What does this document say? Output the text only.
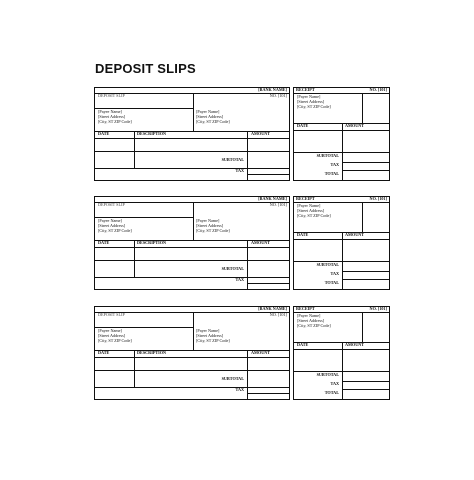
DEPOSIT SLIPS
[BANK NAME]
NO. [101]
DEPOSIT SLIP
[Payee Name]
[Street Address]
[City, ST ZIP Code]
[Payer Name]
[Street Address]
[City, ST ZIP Code]
DATE	DESCRIPTION	AMOUNT
SUBTOTAL
TAX
RECEIPT	NO. [101]
[Payer Name]
[Street Address]
[City, ST ZIP Code]
DATE	AMOUNT
SUBTOTAL
TAX
TOTAL
[BANK NAME]
NO. [101]
DEPOSIT SLIP
[Payee Name]
[Street Address]
[City, ST ZIP Code]
[Payer Name]
[Street Address]
[City, ST ZIP Code]
DATE	DESCRIPTION	AMOUNT
SUBTOTAL
TAX
RECEIPT	NO. [101]
[Payer Name]
[Street Address]
[City, ST ZIP Code]
DATE	AMOUNT
SUBTOTAL
TAX
TOTAL
[BANK NAME]
NO. [101]
DEPOSIT SLIP
[Payee Name]
[Street Address]
[City, ST ZIP Code]
[Payer Name]
[Street Address]
[City, ST ZIP Code]
DATE	DESCRIPTION	AMOUNT
SUBTOTAL
TAX
RECEIPT	NO. [101]
[Payer Name]
[Street Address]
[City, ST ZIP Code]
DATE	AMOUNT
SUBTOTAL
TAX
TOTAL
